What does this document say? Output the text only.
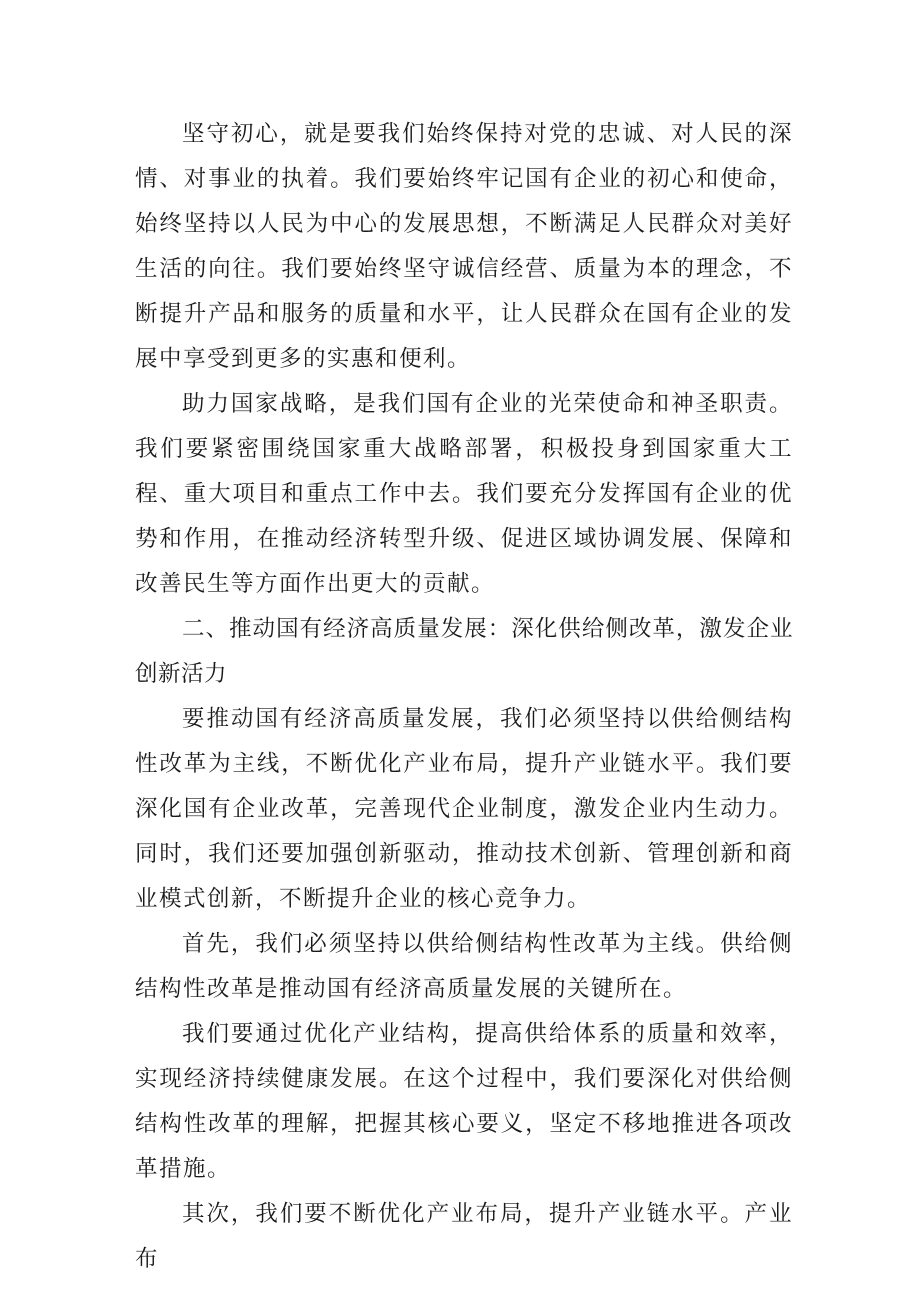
坚守初心，就是要我们始终保持对党的忠诚、对人民的深情、对事业的执着。我们要始终牢记国有企业的初心和使命，始终坚持以人民为中心的发展思想，不断满足人民群众对美好生活的向往。我们要始终坚守诚信经营、质量为本的理念，不断提升产品和服务的质量和水平，让人民群众在国有企业的发展中享受到更多的实惠和便利。

助力国家战略，是我们国有企业的光荣使命和神圣职责。我们要紧密围绕国家重大战略部署，积极投身到国家重大工程、重大项目和重点工作中去。我们要充分发挥国有企业的优势和作用，在推动经济转型升级、促进区域协调发展、保障和改善民生等方面作出更大的贡献。

二、推动国有经济高质量发展：深化供给侧改革，激发企业创新活力

要推动国有经济高质量发展，我们必须坚持以供给侧结构性改革为主线，不断优化产业布局，提升产业链水平。我们要深化国有企业改革，完善现代企业制度，激发企业内生动力。同时，我们还要加强创新驱动，推动技术创新、管理创新和商业模式创新，不断提升企业的核心竞争力。

首先，我们必须坚持以供给侧结构性改革为主线。供给侧结构性改革是推动国有经济高质量发展的关键所在。

我们要通过优化产业结构，提高供给体系的质量和效率，实现经济持续健康发展。在这个过程中，我们要深化对供给侧结构性改革的理解，把握其核心要义，坚定不移地推进各项改革措施。

其次，我们要不断优化产业布局，提升产业链水平。产业布
